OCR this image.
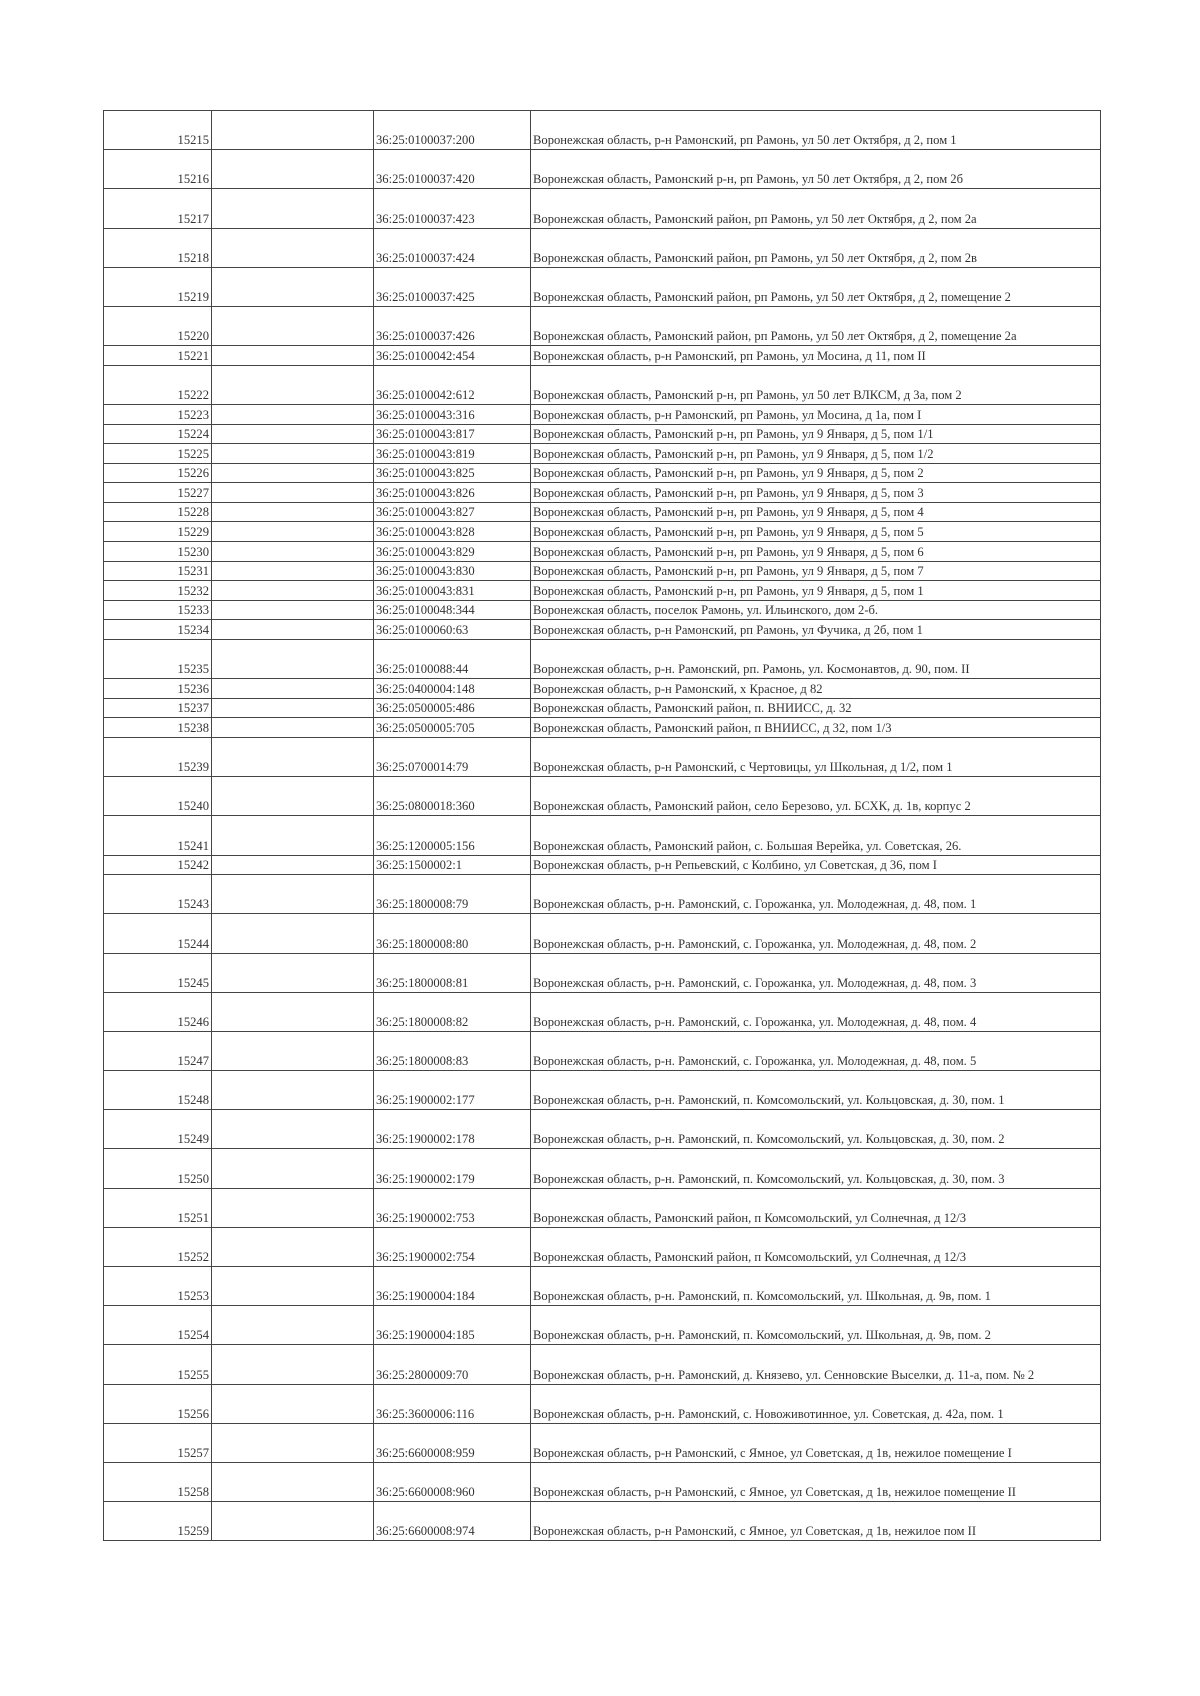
15215		36:25:0100037:200	Воронежская область, р-н Рамонский, рп Рамонь, ул 50 лет Октября, д 2, пом 1
15216		36:25:0100037:420	Воронежская область, Рамонский р-н, рп Рамонь, ул 50 лет Октября, д 2, пом 2б
15217		36:25:0100037:423	Воронежская область, Рамонский район, рп Рамонь, ул 50 лет Октября, д 2, пом 2а
15218		36:25:0100037:424	Воронежская область, Рамонский район, рп Рамонь, ул 50 лет Октября, д 2, пом 2в
15219		36:25:0100037:425	Воронежская область, Рамонский район, рп Рамонь, ул 50 лет Октября, д 2, помещение 2
15220		36:25:0100037:426	Воронежская область, Рамонский район, рп Рамонь, ул 50 лет Октября, д 2, помещение 2а
15221		36:25:0100042:454	Воронежская область, р-н Рамонский, рп Рамонь, ул Мосина, д 11, пом II
15222		36:25:0100042:612	Воронежская область, Рамонский р-н, рп Рамонь, ул 50 лет ВЛКСМ, д 3а, пом 2
15223		36:25:0100043:316	Воронежская область, р-н Рамонский, рп Рамонь, ул Мосина, д 1а, пом I
15224		36:25:0100043:817	Воронежская область, Рамонский р-н, рп Рамонь, ул 9 Января, д 5, пом 1/1
15225		36:25:0100043:819	Воронежская область, Рамонский р-н, рп Рамонь, ул 9 Января, д 5, пом 1/2
15226		36:25:0100043:825	Воронежская область, Рамонский р-н, рп Рамонь, ул 9 Января, д 5, пом 2
15227		36:25:0100043:826	Воронежская область, Рамонский р-н, рп Рамонь, ул 9 Января, д 5, пом 3
15228		36:25:0100043:827	Воронежская область, Рамонский р-н, рп Рамонь, ул 9 Января, д 5, пом 4
15229		36:25:0100043:828	Воронежская область, Рамонский р-н, рп Рамонь, ул 9 Января, д 5, пом 5
15230		36:25:0100043:829	Воронежская область, Рамонский р-н, рп Рамонь, ул 9 Января, д 5, пом 6
15231		36:25:0100043:830	Воронежская область, Рамонский р-н, рп Рамонь, ул 9 Января, д 5, пом 7
15232		36:25:0100043:831	Воронежская область, Рамонский р-н, рп Рамонь, ул 9 Января, д 5, пом 1
15233		36:25:0100048:344	Воронежская область, поселок Рамонь, ул. Ильинского, дом 2-б.
15234		36:25:0100060:63	Воронежская область, р-н Рамонский, рп Рамонь, ул Фучика, д 2б, пом 1
15235		36:25:0100088:44	Воронежская область, р-н. Рамонский, рп. Рамонь, ул. Космонавтов, д. 90, пом. II
15236		36:25:0400004:148	Воронежская область, р-н Рамонский, х Красное, д 82
15237		36:25:0500005:486	Воронежская область, Рамонский район, п. ВНИИСС, д. 32
15238		36:25:0500005:705	Воронежская область, Рамонский район, п ВНИИСС, д 32, пом 1/3
15239		36:25:0700014:79	Воронежская область, р-н Рамонский, с Чертовицы, ул Школьная, д 1/2, пом 1
15240		36:25:0800018:360	Воронежская область, Рамонский район, село Березово, ул. БСХК, д. 1в, корпус 2
15241		36:25:1200005:156	Воронежская область, Рамонский район, с. Большая Верейка, ул. Советская, 26.
15242		36:25:1500002:1	Воронежская область, р-н Репьевский, с Колбино, ул Советская, д 36, пом I
15243		36:25:1800008:79	Воронежская область, р-н. Рамонский, с. Горожанка, ул. Молодежная, д. 48, пом. 1
15244		36:25:1800008:80	Воронежская область, р-н. Рамонский, с. Горожанка, ул. Молодежная, д. 48, пом. 2
15245		36:25:1800008:81	Воронежская область, р-н. Рамонский, с. Горожанка, ул. Молодежная, д. 48, пом. 3
15246		36:25:1800008:82	Воронежская область, р-н. Рамонский, с. Горожанка, ул. Молодежная, д. 48, пом. 4
15247		36:25:1800008:83	Воронежская область, р-н. Рамонский, с. Горожанка, ул. Молодежная, д. 48, пом. 5
15248		36:25:1900002:177	Воронежская область, р-н. Рамонский, п. Комсомольский, ул. Кольцовская, д. 30, пом. 1
15249		36:25:1900002:178	Воронежская область, р-н. Рамонский, п. Комсомольский, ул. Кольцовская, д. 30, пом. 2
15250		36:25:1900002:179	Воронежская область, р-н. Рамонский, п. Комсомольский, ул. Кольцовская, д. 30, пом. 3
15251		36:25:1900002:753	Воронежская область, Рамонский район, п Комсомольский, ул Солнечная, д 12/3
15252		36:25:1900002:754	Воронежская область, Рамонский район, п Комсомольский, ул Солнечная, д 12/3
15253		36:25:1900004:184	Воронежская область, р-н. Рамонский, п. Комсомольский, ул. Школьная, д. 9в, пом. 1
15254		36:25:1900004:185	Воронежская область, р-н. Рамонский, п. Комсомольский, ул. Школьная, д. 9в, пом. 2
15255		36:25:2800009:70	Воронежская область, р-н. Рамонский, д. Князево, ул. Сенновские Выселки, д. 11-а, пом. № 2
15256		36:25:3600006:116	Воронежская область, р-н. Рамонский, с. Новоживотинное, ул. Советская, д. 42а, пом. 1
15257		36:25:6600008:959	Воронежская область, р-н Рамонский, с Ямное, ул Советская, д 1в, нежилое помещение I
15258		36:25:6600008:960	Воронежская область, р-н Рамонский, с Ямное, ул Советская, д 1в, нежилое помещение II
15259		36:25:6600008:974	Воронежская область, р-н Рамонский, с Ямное, ул Советская, д 1в, нежилое пом II
